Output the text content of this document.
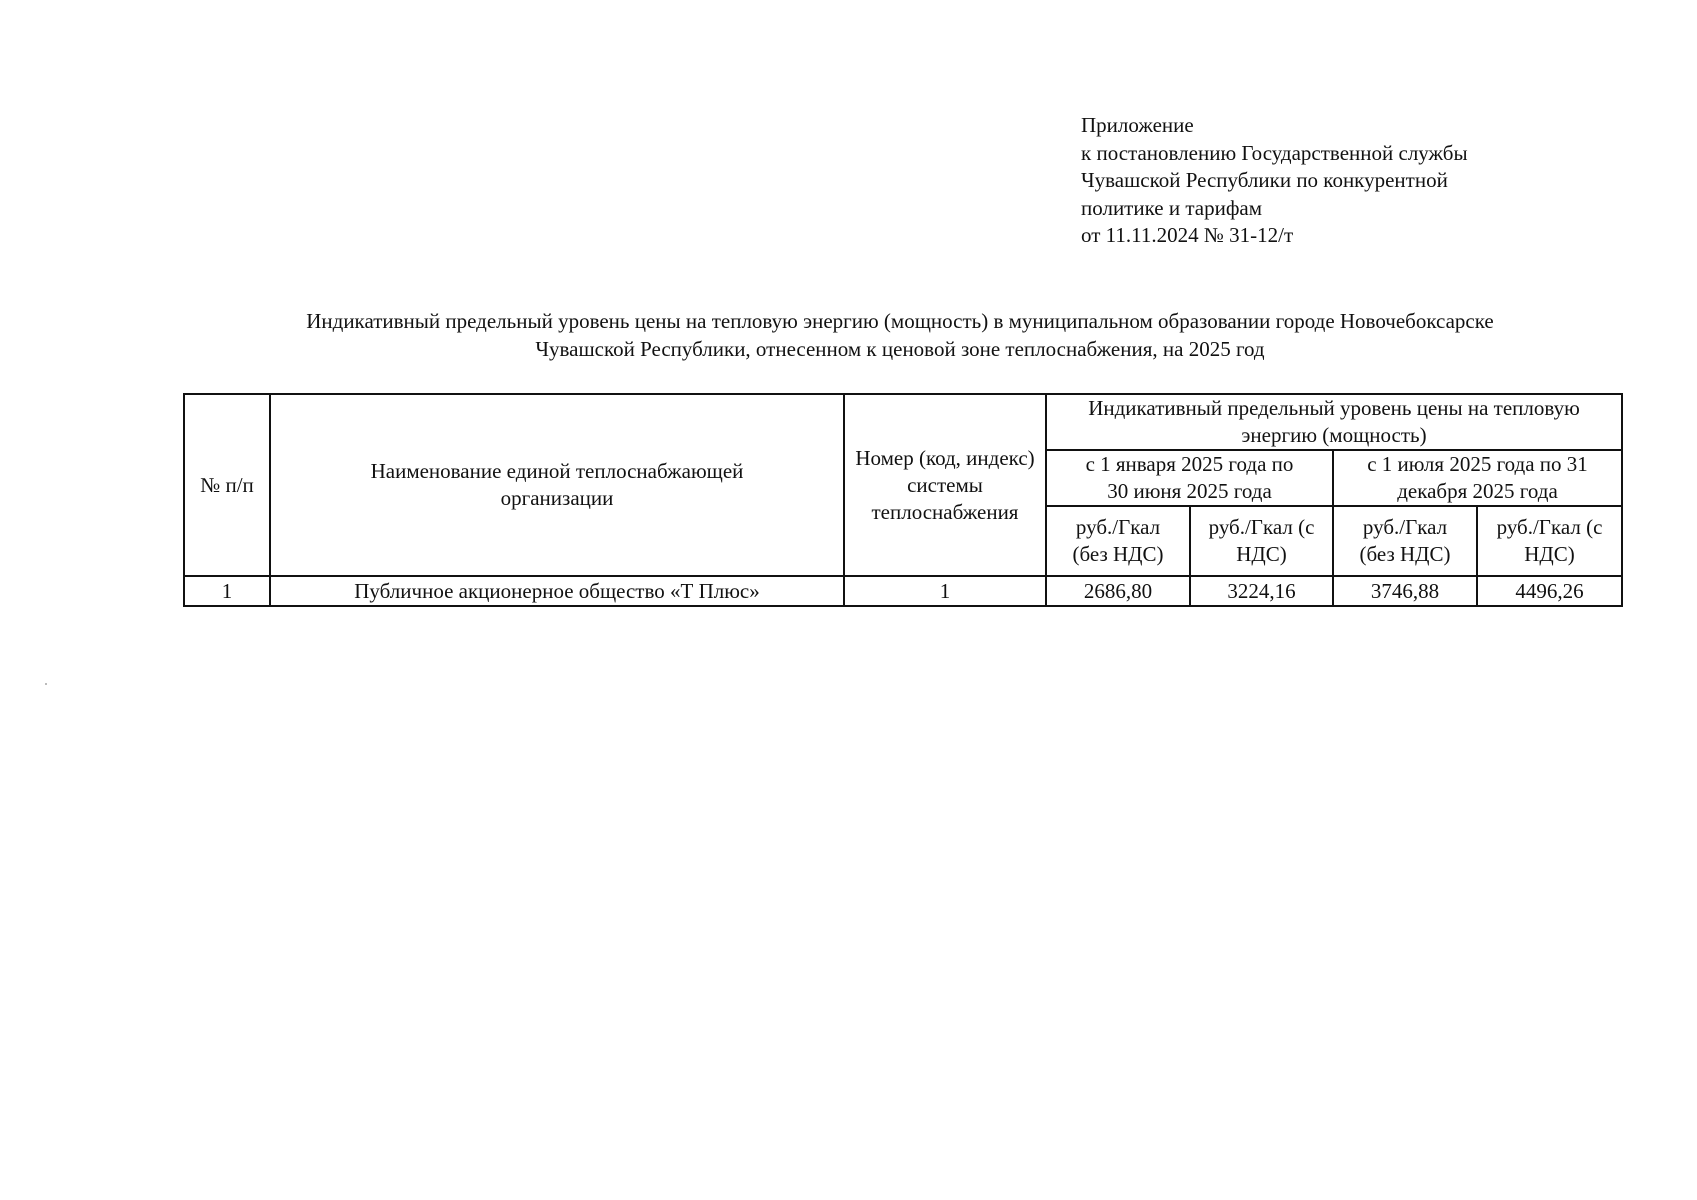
Приложение
к постановлению Государственной службы
Чувашской Республики по конкурентной
политике и тарифам
от 11.11.2024 № 31-12/т
Индикативный предельный уровень цены на тепловую энергию (мощность) в муниципальном образовании городе Новочебоксарске
Чувашской Республики, отнесенном к ценовой зоне теплоснабжения, на 2025 год
№ п/п	Наименование единой теплоснабжающей организации	Номер (код, индекс) системы теплоснабжения	Индикативный предельный уровень цены на тепловую энергию (мощность)			
			с 1 января 2025 года по 30 июня 2025 года		с 1 июля 2025 года по 31 декабря 2025 года	
			руб./Гкал (без НДС)	руб./Гкал (с НДС)	руб./Гкал (без НДС)	руб./Гкал (с НДС)
1	Публичное акционерное общество «Т Плюс»	1	2686,80	3224,16	3746,88	4496,26
